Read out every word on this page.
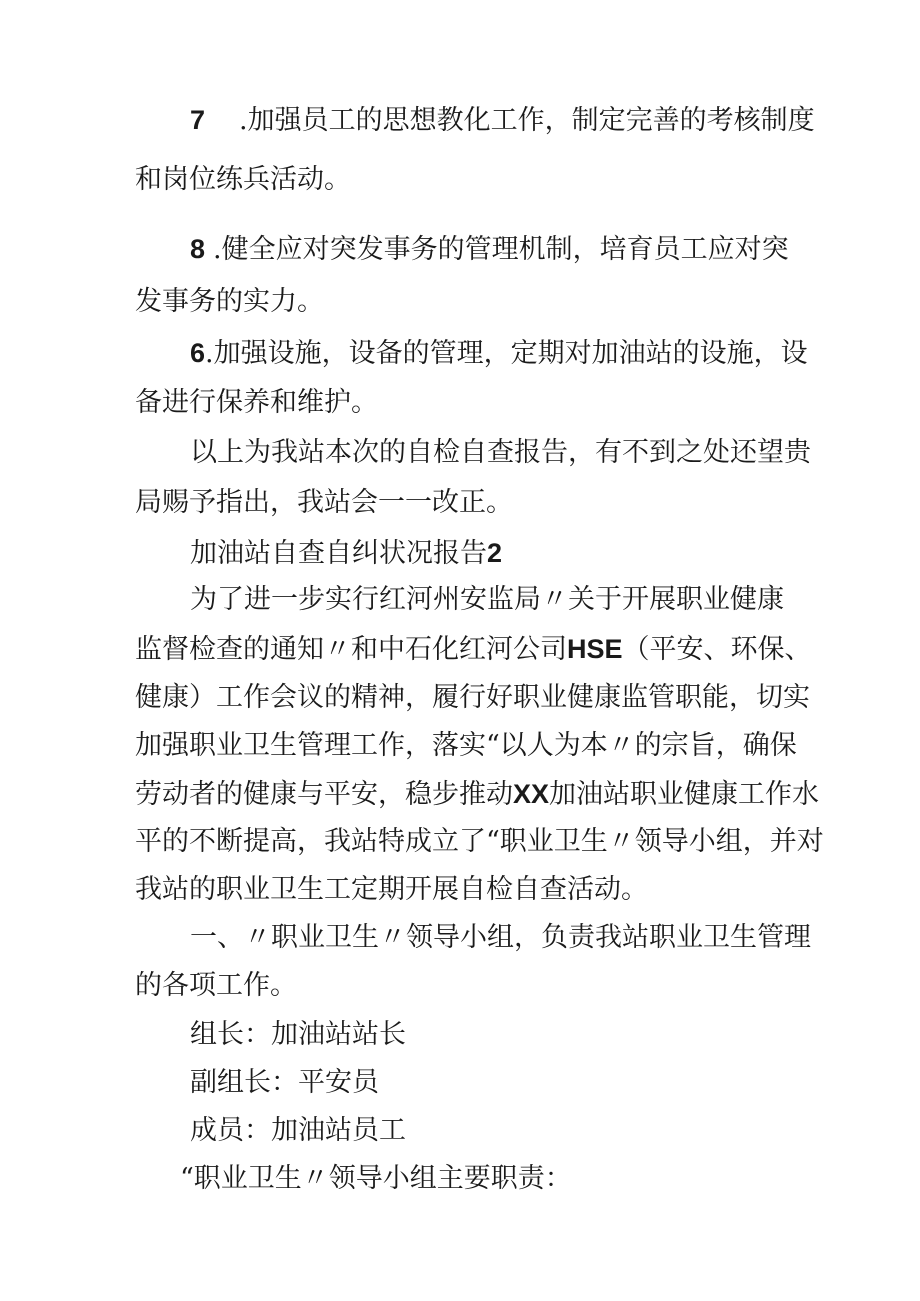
7 .加强员工的思想教化工作，制定完善的考核制度
和岗位练兵活动。
8 .健全应对突发事务的管理机制，培育员工应对突
发事务的实力。
6.加强设施，设备的管理，定期对加油站的设施，设
备进行保养和维护。
以上为我站本次的自检自查报告，有不到之处还望贵
局赐予指出，我站会一一改正。
加油站自查自纠状况报告2
为了进一步实行红河州安监局〃关于开展职业健康
监督检查的通知〃和中石化红河公司HSE（平安、环保、
健康）工作会议的精神，履行好职业健康监管职能，切实
加强职业卫生管理工作，落实“以人为本〃的宗旨，确保
劳动者的健康与平安，稳步推动XX加油站职业健康工作水
平的不断提高，我站特成立了“职业卫生〃领导小组，并对
我站的职业卫生工定期开展自检自查活动。
一、〃职业卫生〃领导小组，负责我站职业卫生管理
的各项工作。
组长：加油站站长
副组长：平安员
成员：加油站员工
“职业卫生〃领导小组主要职责：
